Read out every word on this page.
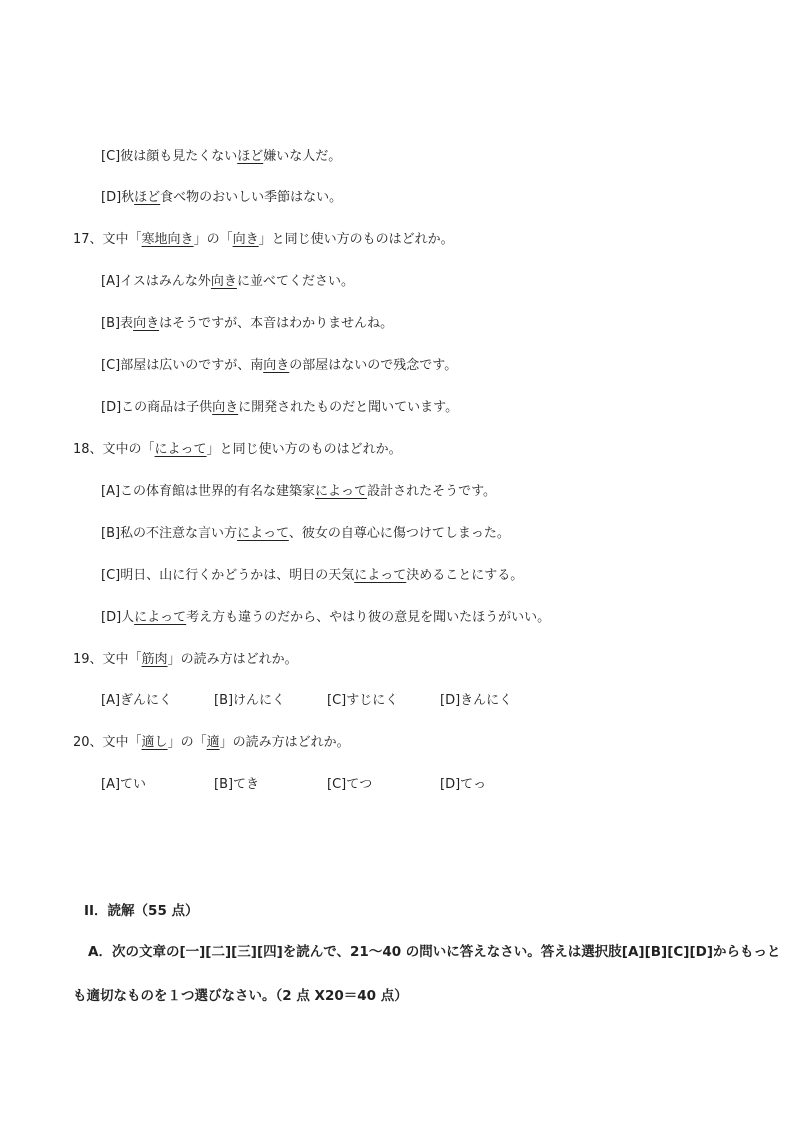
[C]彼は顔も見たくないほど嫌いな人だ。
[D]秋ほど食べ物のおいしい季節はない。
17、文中「寒地向き」の「向き」と同じ使い方のものはどれか。
[A]イスはみんな外向きに並べてください。
[B]表向きはそうですが、本音はわかりませんね。
[C]部屋は広いのですが、南向きの部屋はないので残念です。
[D]この商品は子供向きに開発されたものだと聞いています。
18、文中の「によって」と同じ使い方のものはどれか。
[A]この体育館は世界的有名な建築家によって設計されたそうです。
[B]私の不注意な言い方によって、彼女の自尊心に傷つけてしまった。
[C]明日、山に行くかどうかは、明日の天気によって決めることにする。
[D]人によって考え方も違うのだから、やはり彼の意見を聞いたほうがいい。
19、文中「筋肉」の読み方はどれか。
[A]ぎんにく	[B]けんにく	[C]すじにく	[D]きんにく
20、文中「適し」の「適」の読み方はどれか。
[A]てい	[B]てき	[C]てつ	[D]てっ
II．読解（55 点）
A．次の文章の[一][二][三][四]を読んで、21～40 の問いに答えなさい。答えは選択肢[A][B][C][D]からもっと
も適切なものを１つ選びなさい。（2 点 X20＝40 点）
